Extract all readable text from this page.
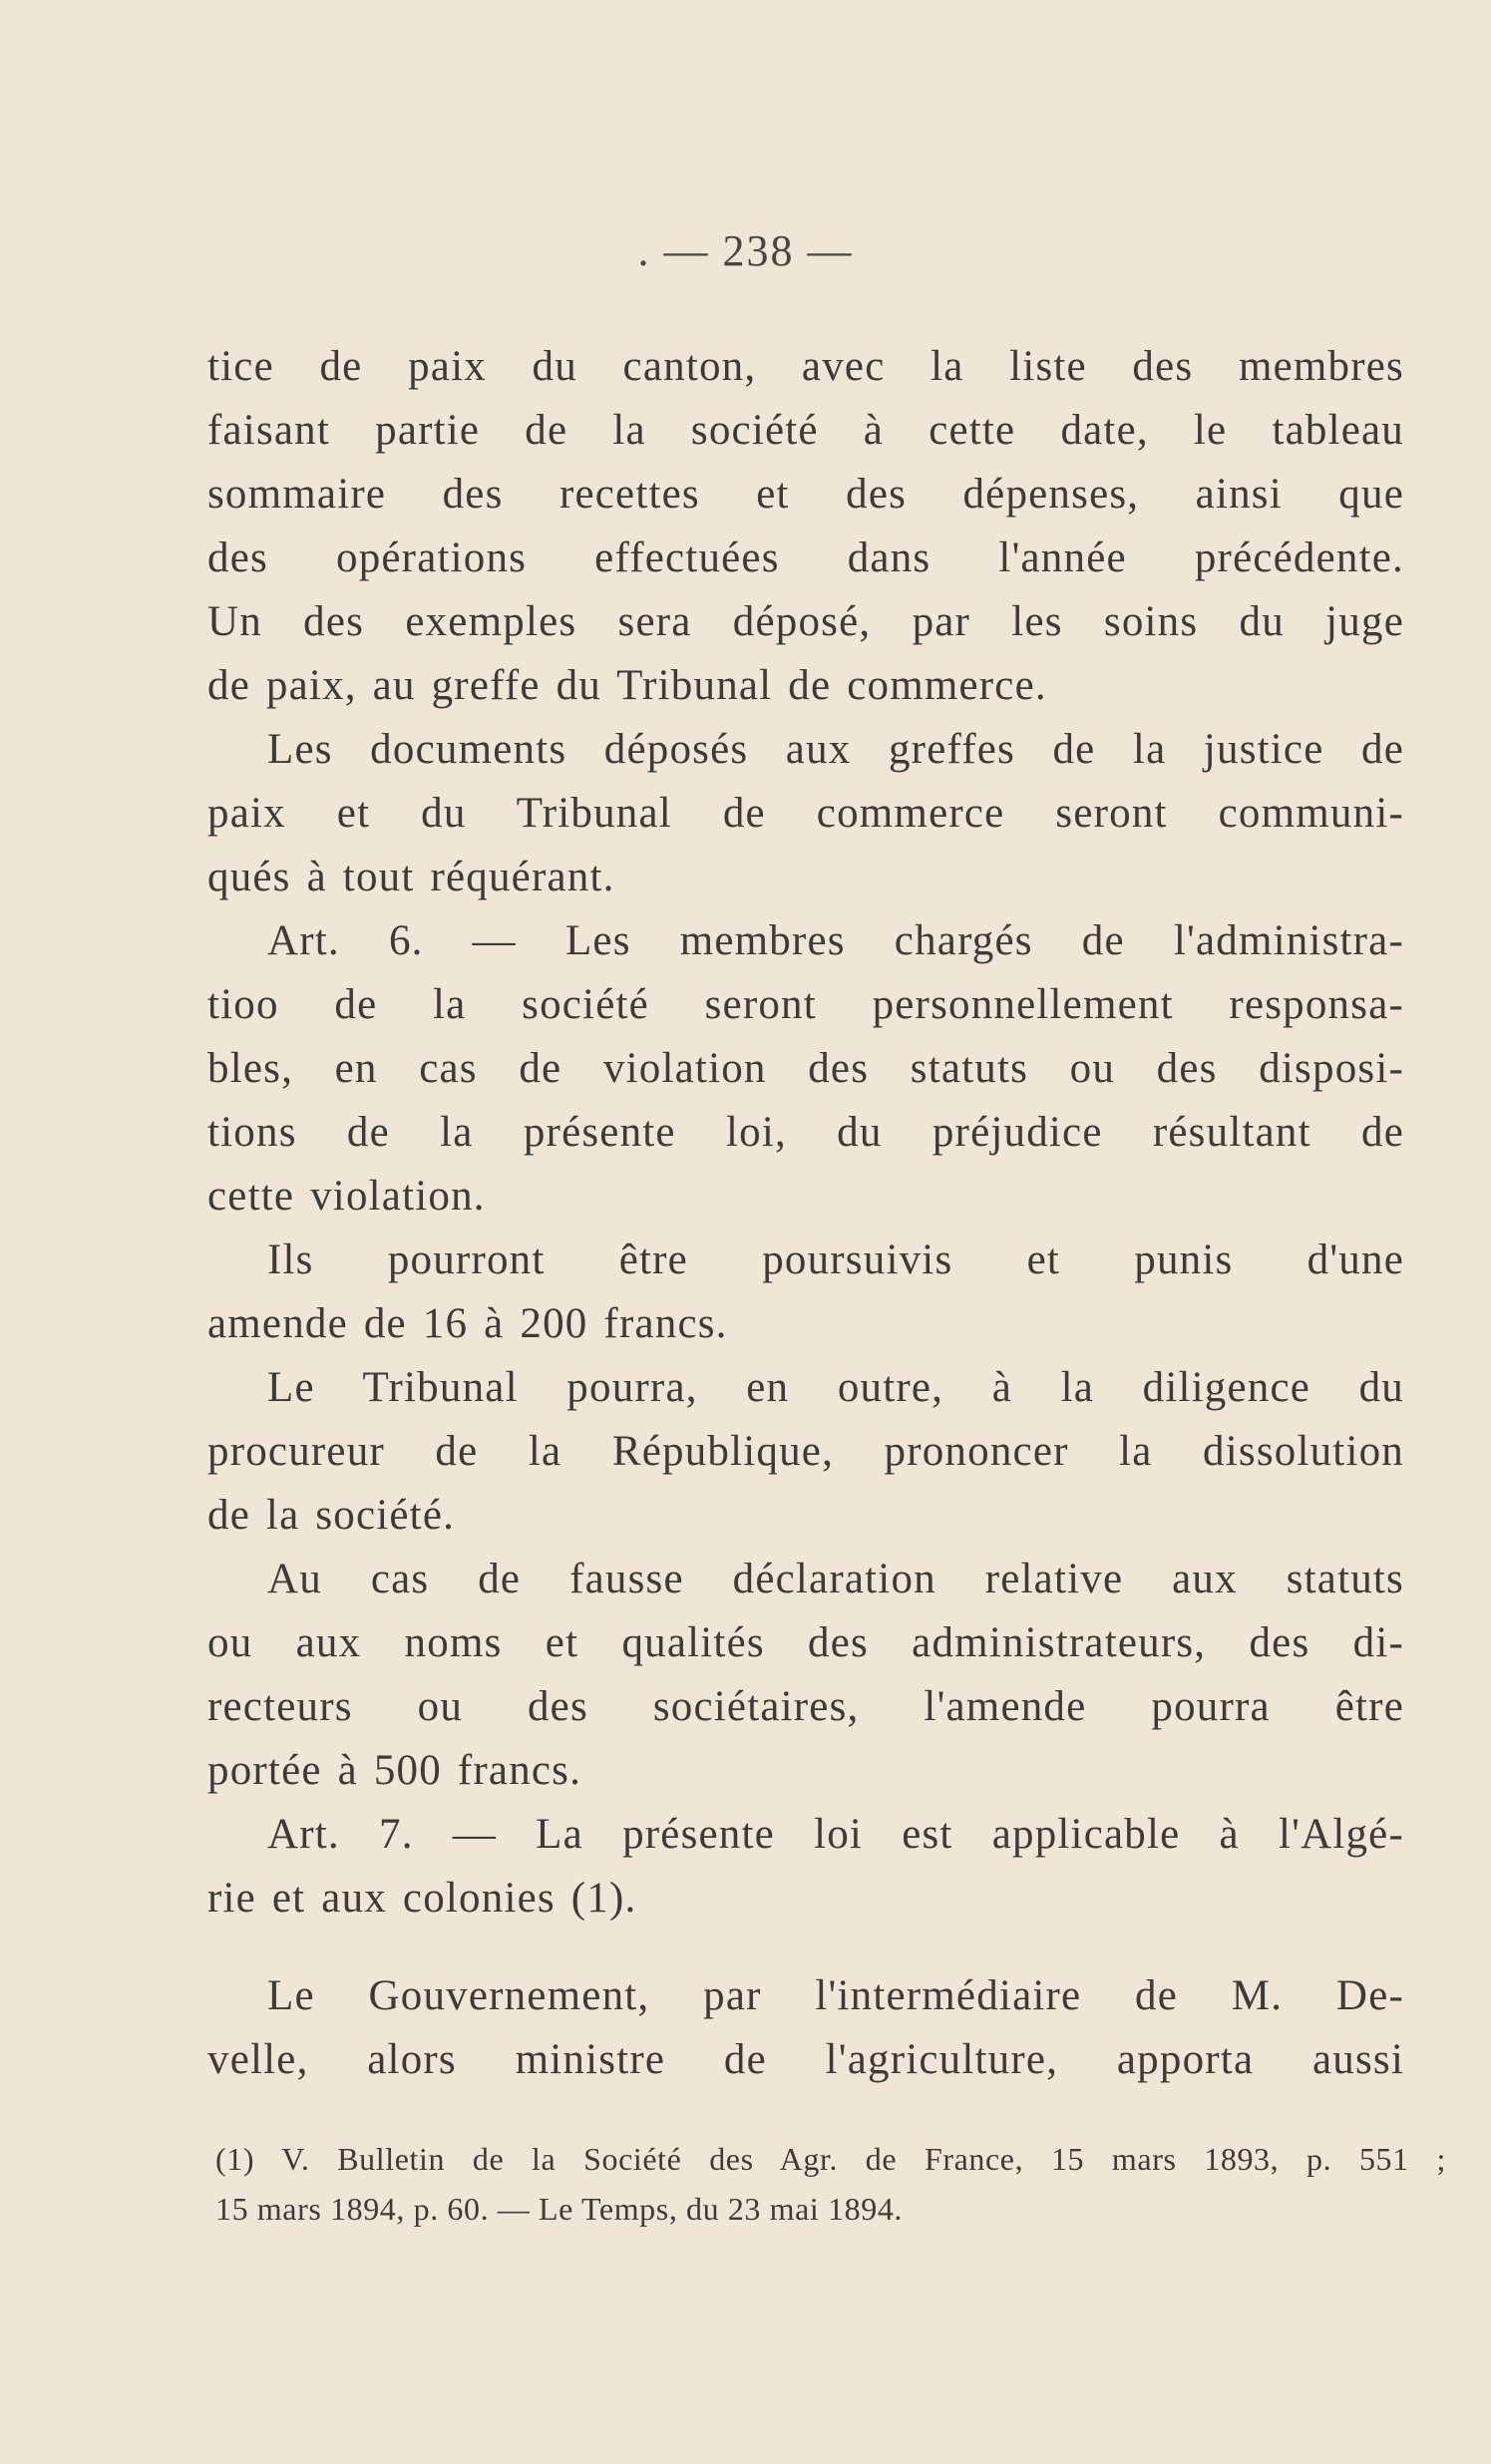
. — 238 —
tice de paix du canton, avec la liste des membres
faisant partie de la société à cette date, le tableau
sommaire des recettes et des dépenses, ainsi que
des opérations effectuées dans l'année précédente.
Un des exemples sera déposé, par les soins du juge
de paix, au greffe du Tribunal de commerce.
Les documents déposés aux greffes de la justice de
paix et du Tribunal de commerce seront communi-
qués à tout réquérant.
Art. 6. — Les membres chargés de l'administra-
tioo de la société seront personnellement responsa-
bles, en cas de violation des statuts ou des disposi-
tions de la présente loi, du préjudice résultant de
cette violation.
Ils pourront être poursuivis et punis d'une
amende de 16 à 200 francs.
Le Tribunal pourra, en outre, à la diligence du
procureur de la République, prononcer la dissolution
de la société.
Au cas de fausse déclaration relative aux statuts
ou aux noms et qualités des administrateurs, des di-
recteurs ou des sociétaires, l'amende pourra être
portée à 500 francs.
Art. 7. — La présente loi est applicable à l'Algé-
rie et aux colonies (1).
Le Gouvernement, par l'intermédiaire de M. De-
velle, alors ministre de l'agriculture, apporta aussi
(1) V. Bulletin de la Société des Agr. de France, 15 mars 1893, p. 551 ;
15 mars 1894, p. 60. — Le Temps, du 23 mai 1894.
